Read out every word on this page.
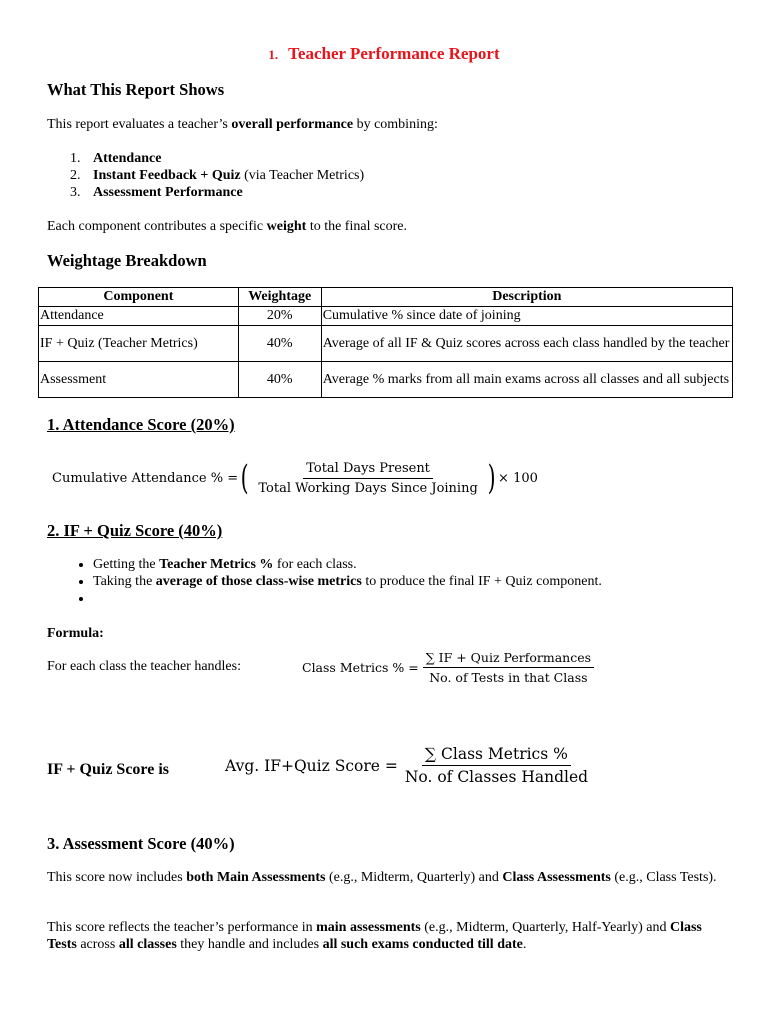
1. Teacher Performance Report
What This Report Shows
This report evaluates a teacher’s overall performance by combining:
1. Attendance
2. Instant Feedback + Quiz (via Teacher Metrics)
3. Assessment Performance
Each component contributes a specific weight to the final score.
Weightage Breakdown
Component	Weightage	Description
Attendance	20%	Cumulative % since date of joining
IF + Quiz (Teacher Metrics)	40%	Average of all IF & Quiz scores across each class handled by the teacher
Assessment	40%	Average % marks from all main exams across all classes and all subjects
1. Attendance Score (20%)
Cumulative Attendance % = ( $\frac{\text{Total Days Present}}{\text{Total Working Days Since Joining}}$ ) × 100
2. IF + Quiz Score (40%)
• Getting the Teacher Metrics % for each class.
• Taking the average of those class-wise metrics to produce the final IF + Quiz component.
•
Formula:
For each class the teacher handles:	Class Metrics % = $\frac{\text{∑ IF + Quiz Performances}}{\text{No. of Tests in that Class}}$
IF + Quiz Score is	Avg. IF+Quiz Score = $\frac{\text{∑ Class Metrics \%}}{\text{No. of Classes Handled}}$
3. Assessment Score (40%)
This score now includes both Main Assessments (e.g., Midterm, Quarterly) and Class Assessments (e.g., Class Tests).
This score reflects the teacher’s performance in main assessments (e.g., Midterm, Quarterly, Half-Yearly) and Class Tests across all classes they handle and includes all such exams conducted till date.
